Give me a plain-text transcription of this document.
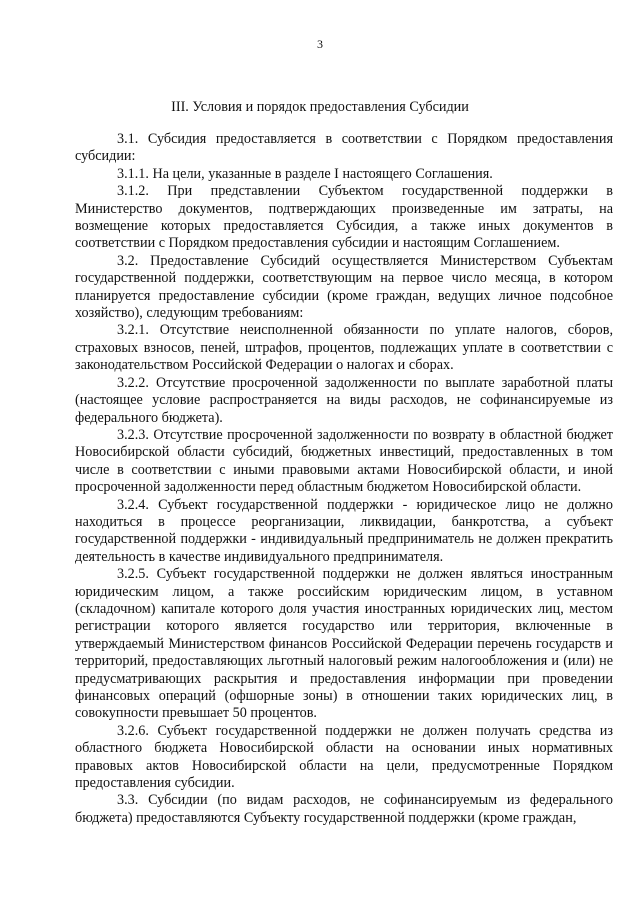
3
III. Условия и порядок предоставления Субсидии

3.1. Субсидия предоставляется в соответствии с Порядком предоставления субсидии:

3.1.1. На цели, указанные в разделе I настоящего Соглашения.

3.1.2. При представлении Субъектом государственной поддержки в Министерство документов, подтверждающих произведенные им затраты, на возмещение которых предоставляется Субсидия, а также иных документов в соответствии с Порядком предоставления субсидии и настоящим Соглашением.

3.2. Предоставление Субсидий осуществляется Министерством Субъектам государственной поддержки, соответствующим на первое число месяца, в котором планируется предоставление субсидии (кроме граждан, ведущих личное подсобное хозяйство), следующим требованиям:

3.2.1. Отсутствие неисполненной обязанности по уплате налогов, сборов, страховых взносов, пеней, штрафов, процентов, подлежащих уплате в соответствии с законодательством Российской Федерации о налогах и сборах.

3.2.2. Отсутствие просроченной задолженности по выплате заработной платы (настоящее условие распространяется на виды расходов, не софинансируемые из федерального бюджета).

3.2.3. Отсутствие просроченной задолженности по возврату в областной бюджет Новосибирской области субсидий, бюджетных инвестиций, предоставленных в том числе в соответствии с иными правовыми актами Новосибирской области, и иной просроченной задолженности перед областным бюджетом Новосибирской области.

3.2.4. Субъект государственной поддержки - юридическое лицо не должно находиться в процессе реорганизации, ликвидации, банкротства, а субъект государственной поддержки - индивидуальный предприниматель не должен прекратить деятельность в качестве индивидуального предпринимателя.

3.2.5. Субъект государственной поддержки не должен являться иностранным юридическим лицом, а также российским юридическим лицом, в уставном (складочном) капитале которого доля участия иностранных юридических лиц, местом регистрации которого является государство или территория, включенные в утверждаемый Министерством финансов Российской Федерации перечень государств и территорий, предоставляющих льготный налоговый режим налогообложения и (или) не предусматривающих раскрытия и предоставления информации при проведении финансовых операций (офшорные зоны) в отношении таких юридических лиц, в совокупности превышает 50 процентов.

3.2.6. Субъект государственной поддержки не должен получать средства из областного бюджета Новосибирской области на основании иных нормативных правовых актов Новосибирской области на цели, предусмотренные Порядком предоставления субсидии.

3.3. Субсидии (по видам расходов, не софинансируемым из федерального бюджета) предоставляются Субъекту государственной поддержки (кроме граждан,
